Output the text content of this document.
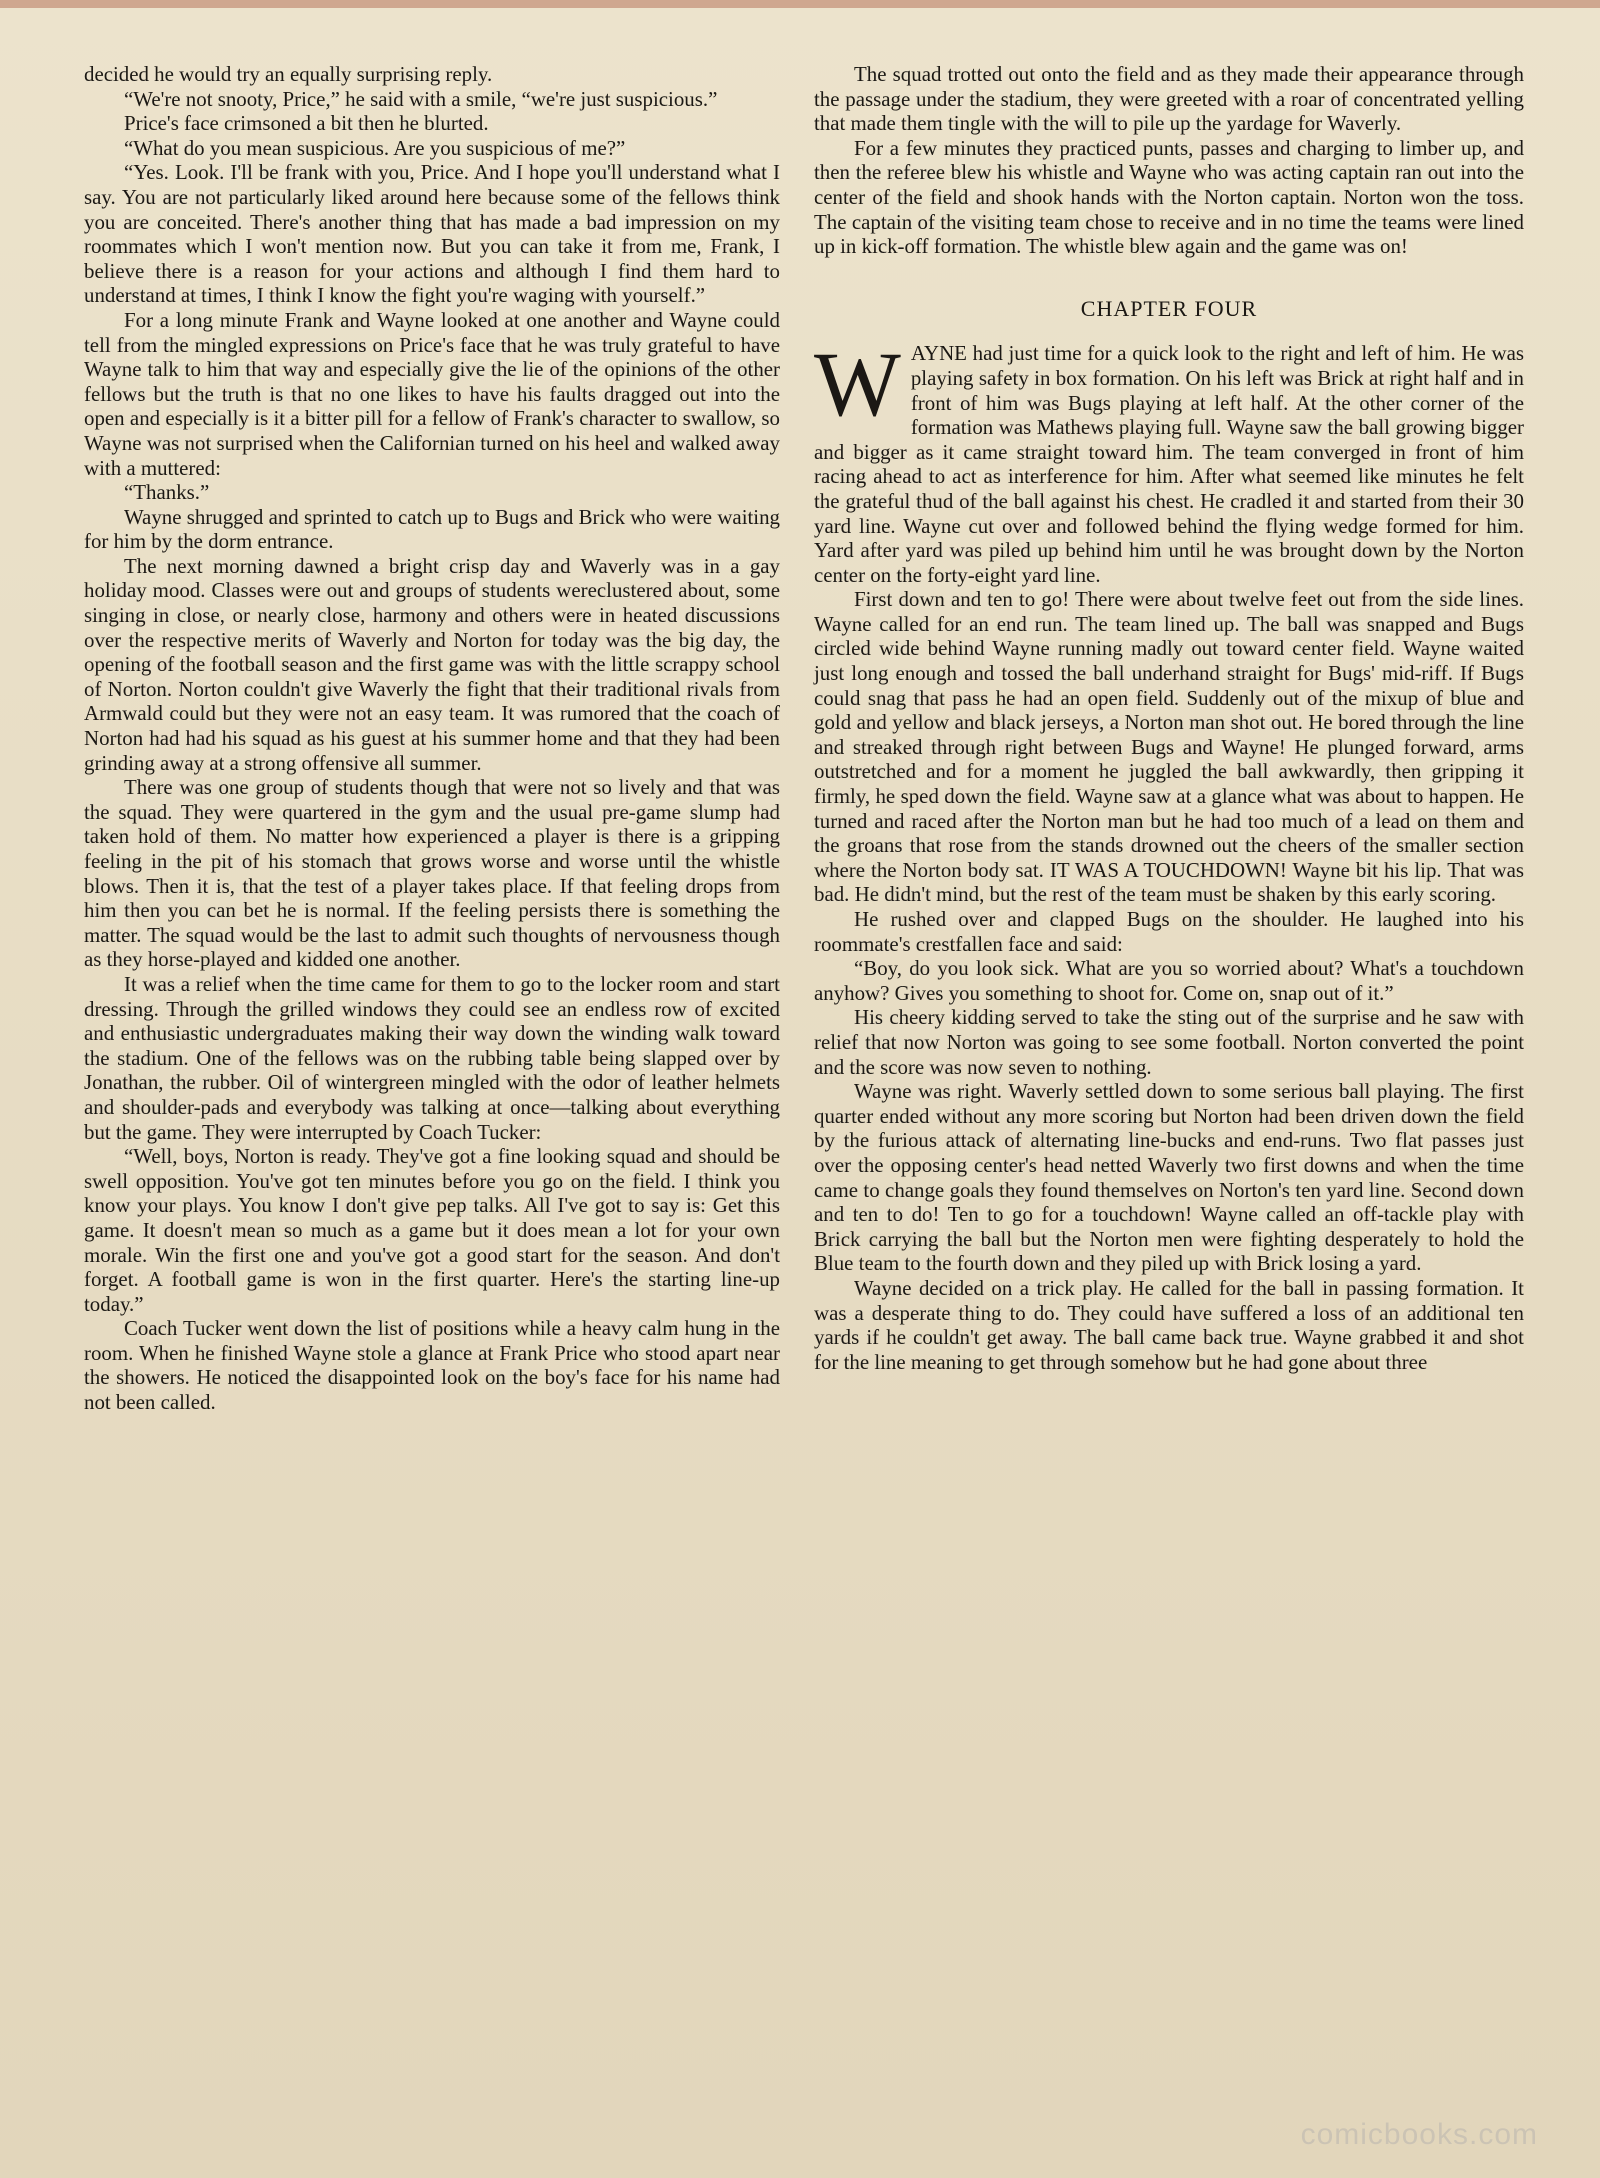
decided he would try an equally surprising reply.

“We're not snooty, Price,” he said with a smile, “we're just suspicious.”

Price's face crimsoned a bit then he blurted.

“What do you mean suspicious. Are you suspicious of me?”

“Yes. Look. I'll be frank with you, Price. And I hope you'll understand what I say. You are not particularly liked around here because some of the fellows think you are conceited. There's another thing that has made a bad impression on my roommates which I won't mention now. But you can take it from me, Frank, I believe there is a reason for your actions and although I find them hard to understand at times, I think I know the fight you're waging with yourself.”

For a long minute Frank and Wayne looked at one another and Wayne could tell from the mingled expressions on Price's face that he was truly grateful to have Wayne talk to him that way and especially give the lie of the opinions of the other fellows but the truth is that no one likes to have his faults dragged out into the open and especially is it a bitter pill for a fellow of Frank's character to swallow, so Wayne was not surprised when the Californian turned on his heel and walked away with a muttered:

“Thanks.”

Wayne shrugged and sprinted to catch up to Bugs and Brick who were waiting for him by the dorm entrance.

The next morning dawned a bright crisp day and Waverly was in a gay holiday mood. Classes were out and groups of students wereclustered about, some singing in close, or nearly close, harmony and others were in heated discussions over the respective merits of Waverly and Norton for today was the big day, the opening of the football season and the first game was with the little scrappy school of Norton. Norton couldn't give Waverly the fight that their traditional rivals from Armwald could but they were not an easy team. It was rumored that the coach of Norton had had his squad as his guest at his summer home and that they had been grinding away at a strong offensive all summer.

There was one group of students though that were not so lively and that was the squad. They were quartered in the gym and the usual pre-game slump had taken hold of them. No matter how experienced a player is there is a gripping feeling in the pit of his stomach that grows worse and worse until the whistle blows. Then it is, that the test of a player takes place. If that feeling drops from him then you can bet he is normal. If the feeling persists there is something the matter. The squad would be the last to admit such thoughts of nervousness though as they horse-played and kidded one another.

It was a relief when the time came for them to go to the locker room and start dressing. Through the grilled windows they could see an endless row of excited and enthusiastic undergraduates making their way down the winding walk toward the stadium. One of the fellows was on the rubbing table being slapped over by Jonathan, the rubber. Oil of wintergreen mingled with the odor of leather helmets and shoulder-pads and everybody was talking at once—talking about everything but the game. They were interrupted by Coach Tucker:

“Well, boys, Norton is ready. They've got a fine looking squad and should be swell opposition. You've got ten minutes before you go on the field. I think you know your plays. You know I don't give pep talks. All I've got to say is: Get this game. It doesn't mean so much as a game but it does mean a lot for your own morale. Win the first one and you've got a good start for the season. And don't forget. A football game is won in the first quarter. Here's the starting line-up today.”

Coach Tucker went down the list of positions while a heavy calm hung in the room. When he finished Wayne stole a glance at Frank Price who stood apart near the showers. He noticed the disappointed look on the boy's face for his name had not been called.

The squad trotted out onto the field and as they made their appearance through the passage under the stadium, they were greeted with a roar of concentrated yelling that made them tingle with the will to pile up the yardage for Waverly.

For a few minutes they practiced punts, passes and charging to limber up, and then the referee blew his whistle and Wayne who was acting captain ran out into the center of the field and shook hands with the Norton captain. Norton won the toss. The captain of the visiting team chose to receive and in no time the teams were lined up in kick-off formation. The whistle blew again and the game was on!

CHAPTER FOUR

WAYNE had just time for a quick look to the right and left of him. He was playing safety in box formation. On his left was Brick at right half and in front of him was Bugs playing at left half. At the other corner of the formation was Mathews playing full. Wayne saw the ball growing bigger and bigger as it came straight toward him. The team converged in front of him racing ahead to act as interference for him. After what seemed like minutes he felt the grateful thud of the ball against his chest. He cradled it and started from their 30 yard line. Wayne cut over and followed behind the flying wedge formed for him. Yard after yard was piled up behind him until he was brought down by the Norton center on the forty-eight yard line.

First down and ten to go! There were about twelve feet out from the side lines. Wayne called for an end run. The team lined up. The ball was snapped and Bugs circled wide behind Wayne running madly out toward center field. Wayne waited just long enough and tossed the ball underhand straight for Bugs' mid-riff. If Bugs could snag that pass he had an open field. Suddenly out of the mixup of blue and gold and yellow and black jerseys, a Norton man shot out. He bored through the line and streaked through right between Bugs and Wayne! He plunged forward, arms outstretched and for a moment he juggled the ball awkwardly, then gripping it firmly, he sped down the field. Wayne saw at a glance what was about to happen. He turned and raced after the Norton man but he had too much of a lead on them and the groans that rose from the stands drowned out the cheers of the smaller section where the Norton body sat. IT WAS A TOUCHDOWN! Wayne bit his lip. That was bad. He didn't mind, but the rest of the team must be shaken by this early scoring.

He rushed over and clapped Bugs on the shoulder. He laughed into his roommate's crestfallen face and said:

“Boy, do you look sick. What are you so worried about? What's a touchdown anyhow? Gives you something to shoot for. Come on, snap out of it.”

His cheery kidding served to take the sting out of the surprise and he saw with relief that now Norton was going to see some football. Norton converted the point and the score was now seven to nothing.

Wayne was right. Waverly settled down to some serious ball playing. The first quarter ended without any more scoring but Norton had been driven down the field by the furious attack of alternating line-bucks and end-runs. Two flat passes just over the opposing center's head netted Waverly two first downs and when the time came to change goals they found themselves on Norton's ten yard line. Second down and ten to do! Ten to go for a touchdown! Wayne called an off-tackle play with Brick carrying the ball but the Norton men were fighting desperately to hold the Blue team to the fourth down and they piled up with Brick losing a yard.

Wayne decided on a trick play. He called for the ball in passing formation. It was a desperate thing to do. They could have suffered a loss of an additional ten yards if he couldn't get away. The ball came back true. Wayne grabbed it and shot for the line meaning to get through somehow but he had gone about three

comicbooks.com
